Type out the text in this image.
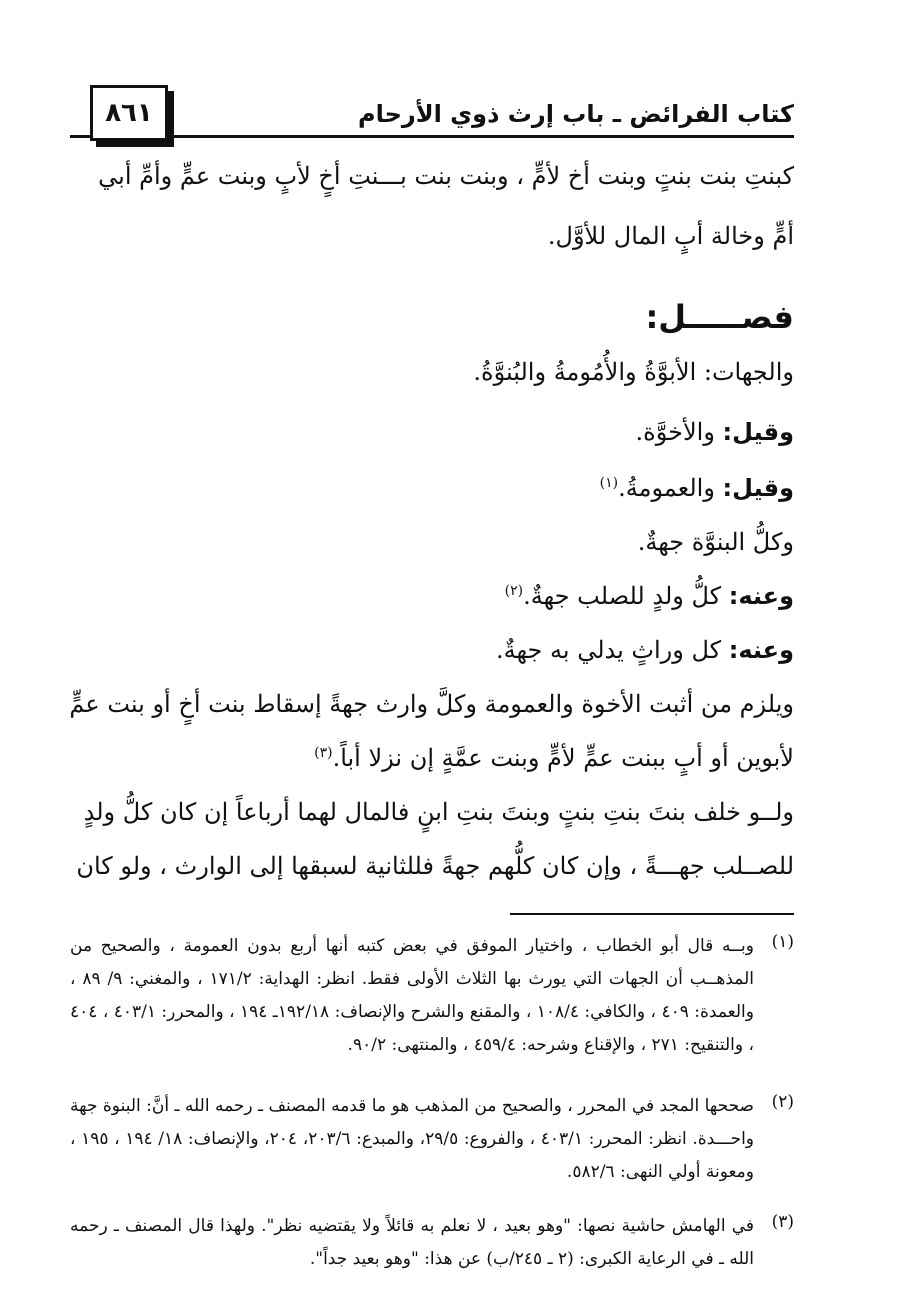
كتاب الفرائض ـ باب إرث ذوي الأرحام
٨٦١
كبنتِ بنت بنتٍ وبنت أخ لأمٍّ ، وبنت بنت بـــنتِ أخٍ لأبٍ وبنت عمٍّ وأمِّ أبي
أمٍّ وخالة أبٍ المال للأوَّل.
فصـــــل:
والجهات: الأبوَّةُ والأُمُومةُ والبُنوَّةُ.
وقيل: والأخوَّة.
وقيل: والعمومةُ.$^{(١)}$
وكلُّ البنوَّة جهةٌ.
وعنه: كلُّ ولدٍ للصلب جهةٌ.$^{(٢)}$
وعنه: كل وراثٍ يدلي به جهةٌ.
ويلزم من أثبت الأخوة والعمومة وكلَّ وارث جهةً إسقاط بنت أخٍ أو بنت عمٍّ
لأبوين أو أبٍ ببنت عمٍّ لأمٍّ وبنت عمَّةٍ إن نزلا أباً.$^{(٣)}$
ولــو خلف بنتَ بنتِ بنتٍ وبنتَ بنتِ ابنٍ فالمال لهما أرباعاً إن كان كلُّ ولدٍ
للصــلب جهـــةً ، وإن كان كلُّهم جهةً فللثانية لسبقها إلى الوارث ، ولو كان
(١)
وبــه قال أبو الخطاب ، واختيار الموفق في بعض كتبه أنها أربع بدون العمومة ، والصحيح من المذهــب أن الجهات التي يورث بها الثلاث الأولى فقط. انظر: الهداية: ١٧١/٢ ، والمغني: ٩/ ٨٩ ، والعمدة: ٤٠٩ ، والكافي: ١٠٨/٤ ، والمقنع والشرح والإنصاف: ١٩٢/١٨ـ ١٩٤ ، والمحرر: ٤٠٣/١ ، ٤٠٤ ، والتنقيح: ٢٧١ ، والإقناع وشرحه: ٤٥٩/٤ ، والمنتهى: ٩٠/٢.
(٢)
صححها المجد في المحرر ، والصحيح من المذهب هو ما قدمه المصنف ـ رحمه الله ـ أنَّ: البنوة جهة واحـــدة. انظر: المحرر: ٤٠٣/١ ، والفروع: ٢٩/٥، والمبدع: ٢٠٣/٦، ٢٠٤، والإنصاف: ١٨/ ١٩٤ ، ١٩٥ ، ومعونة أولي النهى: ٥٨٢/٦.
(٣)
في الهامش حاشية نصها: "وهو بعيد ، لا نعلم به قائلاً ولا يقتضيه نظر". ولهذا قال المصنف ـ رحمه الله ـ في الرعاية الكبرى: (٢ ـ ٢٤٥/ب) عن هذا: "وهو بعيد جداً".
